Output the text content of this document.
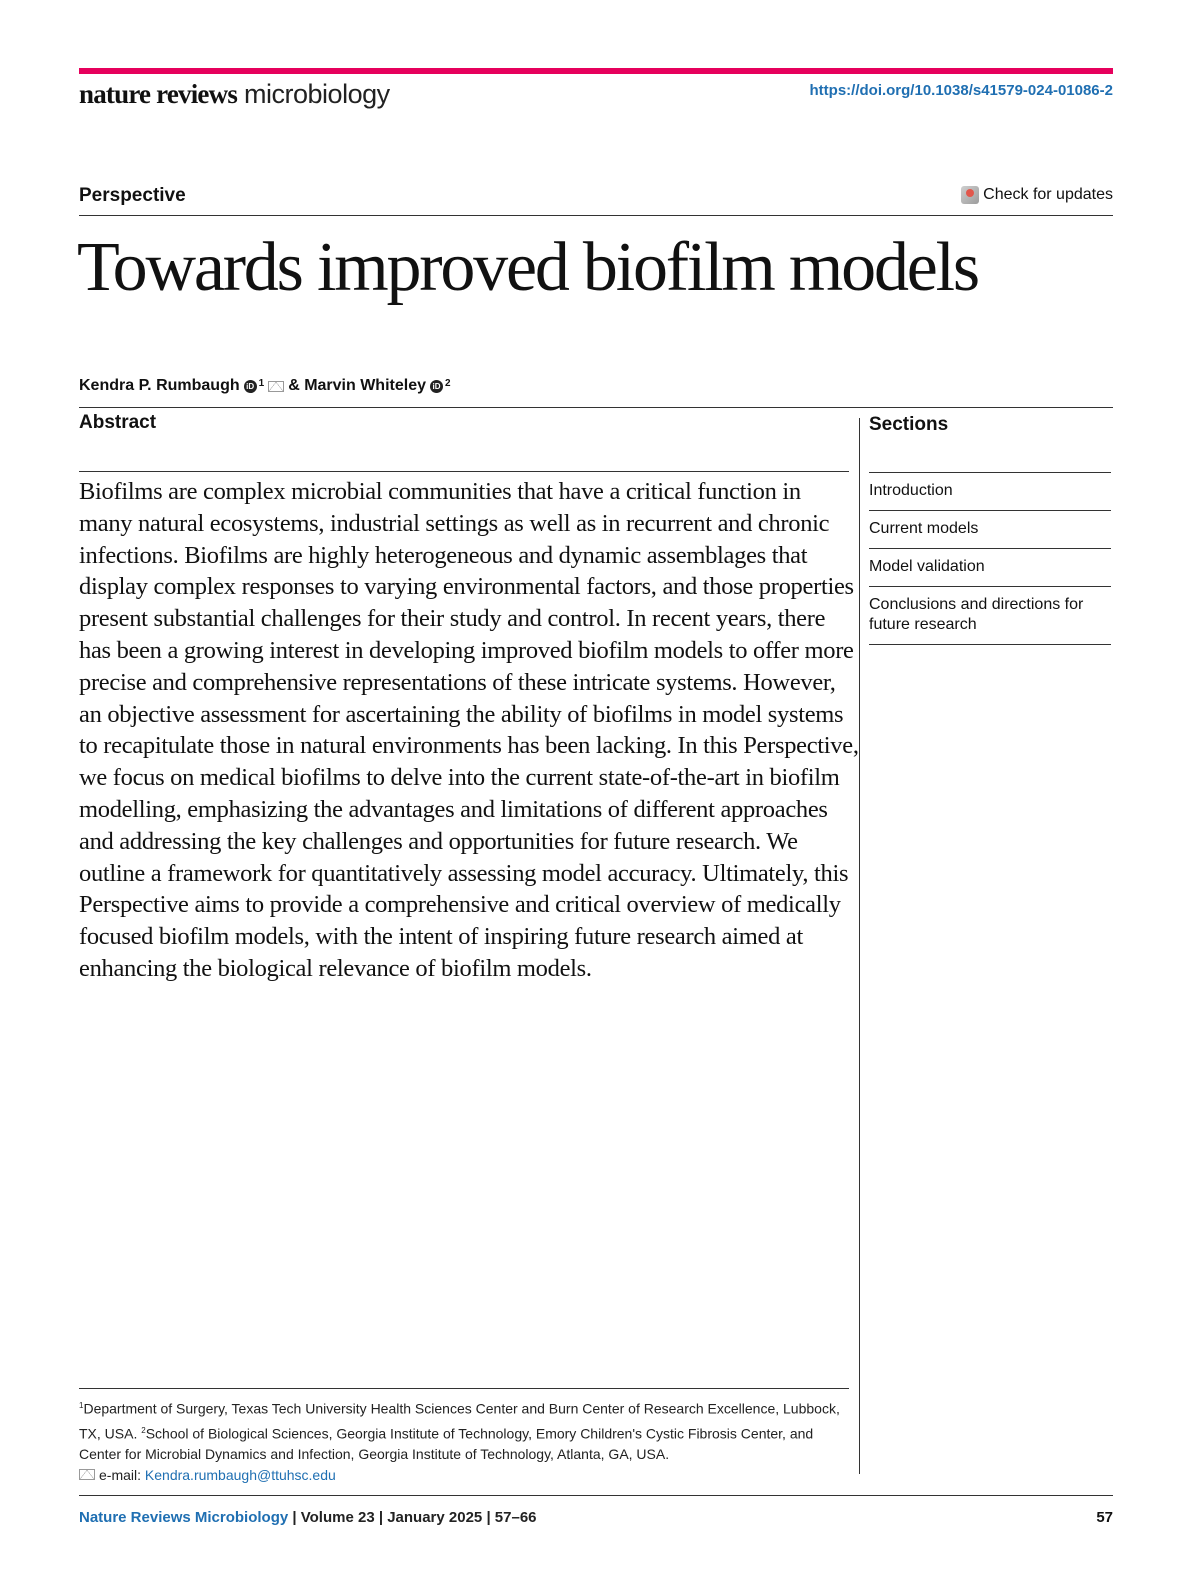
nature reviews microbiology	https://doi.org/10.1038/s41579-024-01086-2
Perspective	Check for updates
Towards improved biofilm models
Kendra P. Rumbaugh iD 1 & Marvin Whiteley iD 2
Abstract	Sections

Biofilms are complex microbial communities that have a critical function in many natural ecosystems, industrial settings as well as in recurrent and chronic infections. Biofilms are highly heterogeneous and dynamic assemblages that display complex responses to varying environmental factors, and those properties present substantial challenges for their study and control. In recent years, there has been a growing interest in developing improved biofilm models to offer more precise and comprehensive representations of these intricate systems. However, an objective assessment for ascertaining the ability of biofilms in model systems to recapitulate those in natural environments has been lacking. In this Perspective, we focus on medical biofilms to delve into the current state-of-the-art in biofilm modelling, emphasizing the advantages and limitations of different approaches and addressing the key challenges and opportunities for future research. We outline a framework for quantitatively assessing model accuracy. Ultimately, this Perspective aims to provide a comprehensive and critical overview of medically focused biofilm models, with the intent of inspiring future research aimed at enhancing the biological relevance of biofilm models.

Introduction
Current models
Model validation
Conclusions and directions for future research

$^1$Department of Surgery, Texas Tech University Health Sciences Center and Burn Center of Research Excellence, Lubbock, TX, USA. $^2$School of Biological Sciences, Georgia Institute of Technology, Emory Children's Cystic Fibrosis Center, and Center for Microbial Dynamics and Infection, Georgia Institute of Technology, Atlanta, GA, USA.
e-mail: Kendra.rumbaugh@ttuhsc.edu

Nature Reviews Microbiology | Volume 23 | January 2025 | 57–66	57
